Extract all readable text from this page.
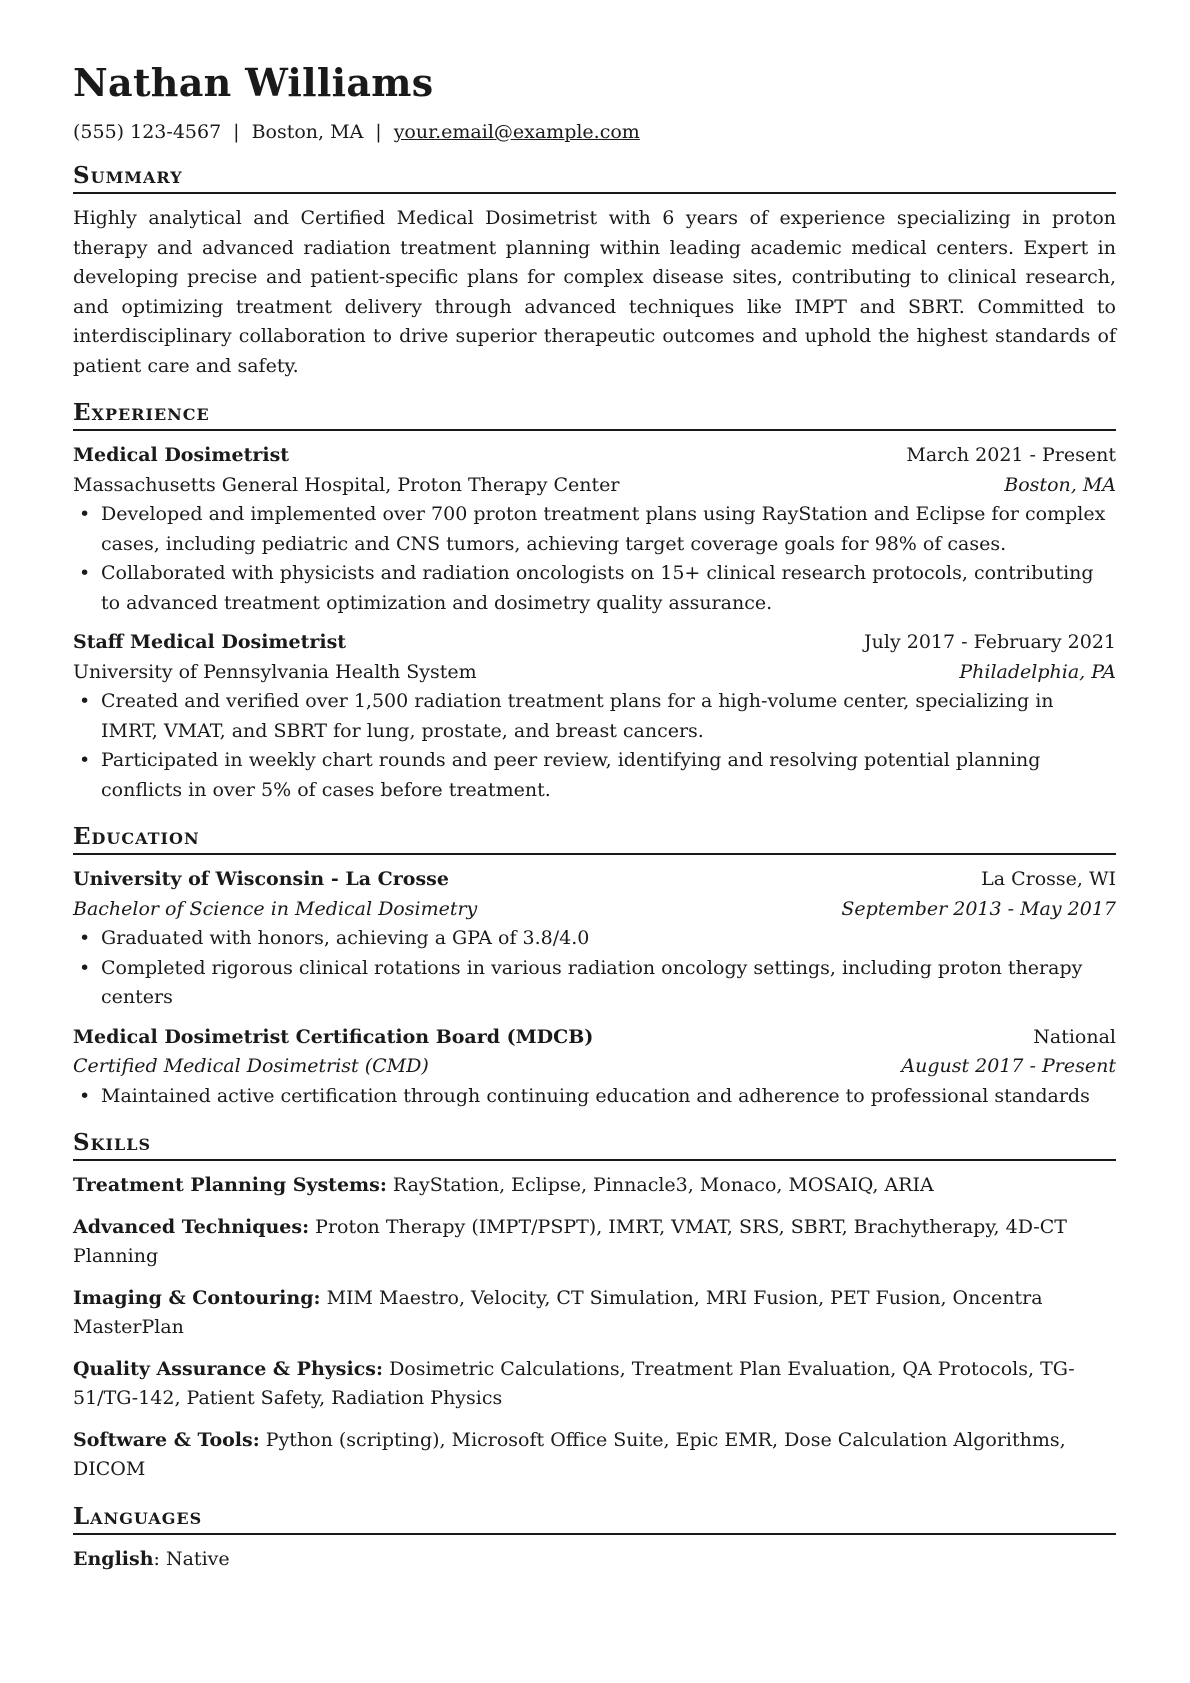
Nathan Williams
(555) 123-4567 | Boston, MA | your.email@example.com
Summary

Highly analytical and Certified Medical Dosimetrist with 6 years of experience specializing in proton therapy and advanced radiation treatment planning within leading academic medical centers. Expert in developing precise and patient-specific plans for complex disease sites, contributing to clinical research, and optimizing treatment delivery through advanced techniques like IMPT and SBRT. Committed to interdisciplinary collaboration to drive superior therapeutic outcomes and uphold the highest standards of patient care and safety.

Experience
Medical Dosimetrist	March 2021 - Present
Massachusetts General Hospital, Proton Therapy Center	Boston, MA
• Developed and implemented over 700 proton treatment plans using RayStation and Eclipse for complex cases, including pediatric and CNS tumors, achieving target coverage goals for 98% of cases.
• Collaborated with physicists and radiation oncologists on 15+ clinical research protocols, contributing to advanced treatment optimization and dosimetry quality assurance.
Staff Medical Dosimetrist	July 2017 - February 2021
University of Pennsylvania Health System	Philadelphia, PA
• Created and verified over 1,500 radiation treatment plans for a high-volume center, specializing in IMRT, VMAT, and SBRT for lung, prostate, and breast cancers.
• Participated in weekly chart rounds and peer review, identifying and resolving potential planning conflicts in over 5% of cases before treatment.
Education
University of Wisconsin - La Crosse	La Crosse, WI
Bachelor of Science in Medical Dosimetry	September 2013 - May 2017
• Graduated with honors, achieving a GPA of 3.8/4.0
• Completed rigorous clinical rotations in various radiation oncology settings, including proton therapy centers
Medical Dosimetrist Certification Board (MDCB)	National
Certified Medical Dosimetrist (CMD)	August 2017 - Present
• Maintained active certification through continuing education and adherence to professional standards
Skills
Treatment Planning Systems: RayStation, Eclipse, Pinnacle3, Monaco, MOSAIQ, ARIA
Advanced Techniques: Proton Therapy (IMPT/PSPT), IMRT, VMAT, SRS, SBRT, Brachytherapy, 4D-CT Planning
Imaging & Contouring: MIM Maestro, Velocity, CT Simulation, MRI Fusion, PET Fusion, Oncentra MasterPlan
Quality Assurance & Physics: Dosimetric Calculations, Treatment Plan Evaluation, QA Protocols, TG-51/TG-142, Patient Safety, Radiation Physics
Software & Tools: Python (scripting), Microsoft Office Suite, Epic EMR, Dose Calculation Algorithms, DICOM
Languages
English: Native
